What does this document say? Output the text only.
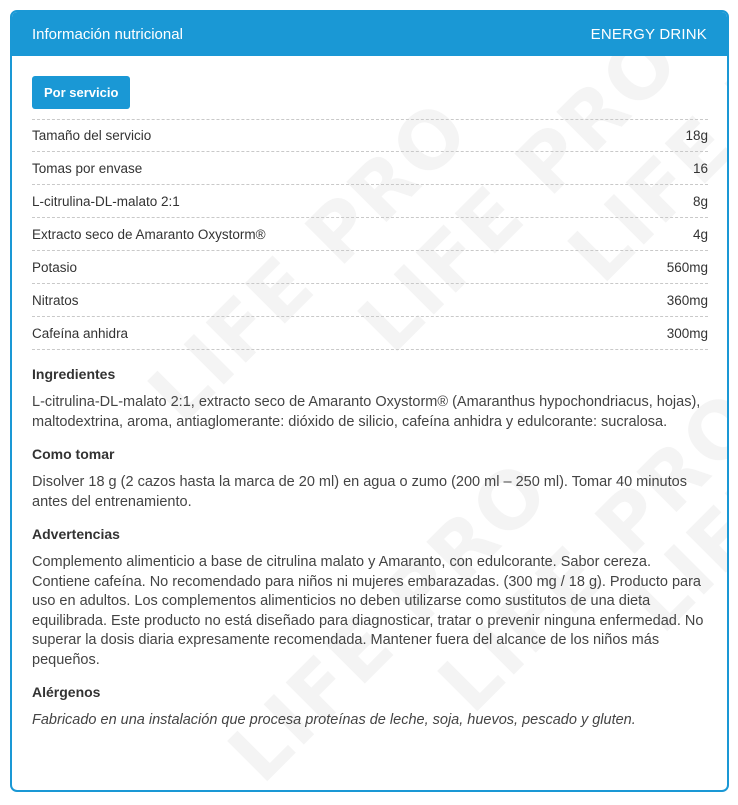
Información nutricional	ENERGY DRINK
Por servicio
Tamaño del servicio	18g
Tomas por envase	16
L-citrulina-DL-malato 2:1	8g
Extracto seco de Amaranto Oxystorm®	4g
Potasio	560mg
Nitratos	360mg
Cafeína anhidra	300mg
Ingredientes

L-citrulina-DL-malato 2:1, extracto seco de Amaranto Oxystorm® (Amaranthus hypochondriacus, hojas), maltodextrina, aroma, antiaglomerante: dióxido de silicio, cafeína anhidra y edulcorante: sucralosa.

Como tomar

Disolver 18 g (2 cazos hasta la marca de 20 ml) en agua o zumo (200 ml – 250 ml). Tomar 40 minutos antes del entrenamiento.

Advertencias

Complemento alimenticio a base de citrulina malato y Amaranto, con edulcorante. Sabor cereza. Contiene cafeína. No recomendado para niños ni mujeres embarazadas. (300 mg / 18 g). Producto para uso en adultos. Los complementos alimenticios no deben utilizarse como sustitutos de una dieta equilibrada. Este producto no está diseñado para diagnosticar, tratar o prevenir ninguna enfermedad. No superar la dosis diaria expresamente recomendada. Mantener fuera del alcance de los niños más pequeños.

Alérgenos

Fabricado en una instalación que procesa proteínas de leche, soja, huevos, pescado y gluten.
